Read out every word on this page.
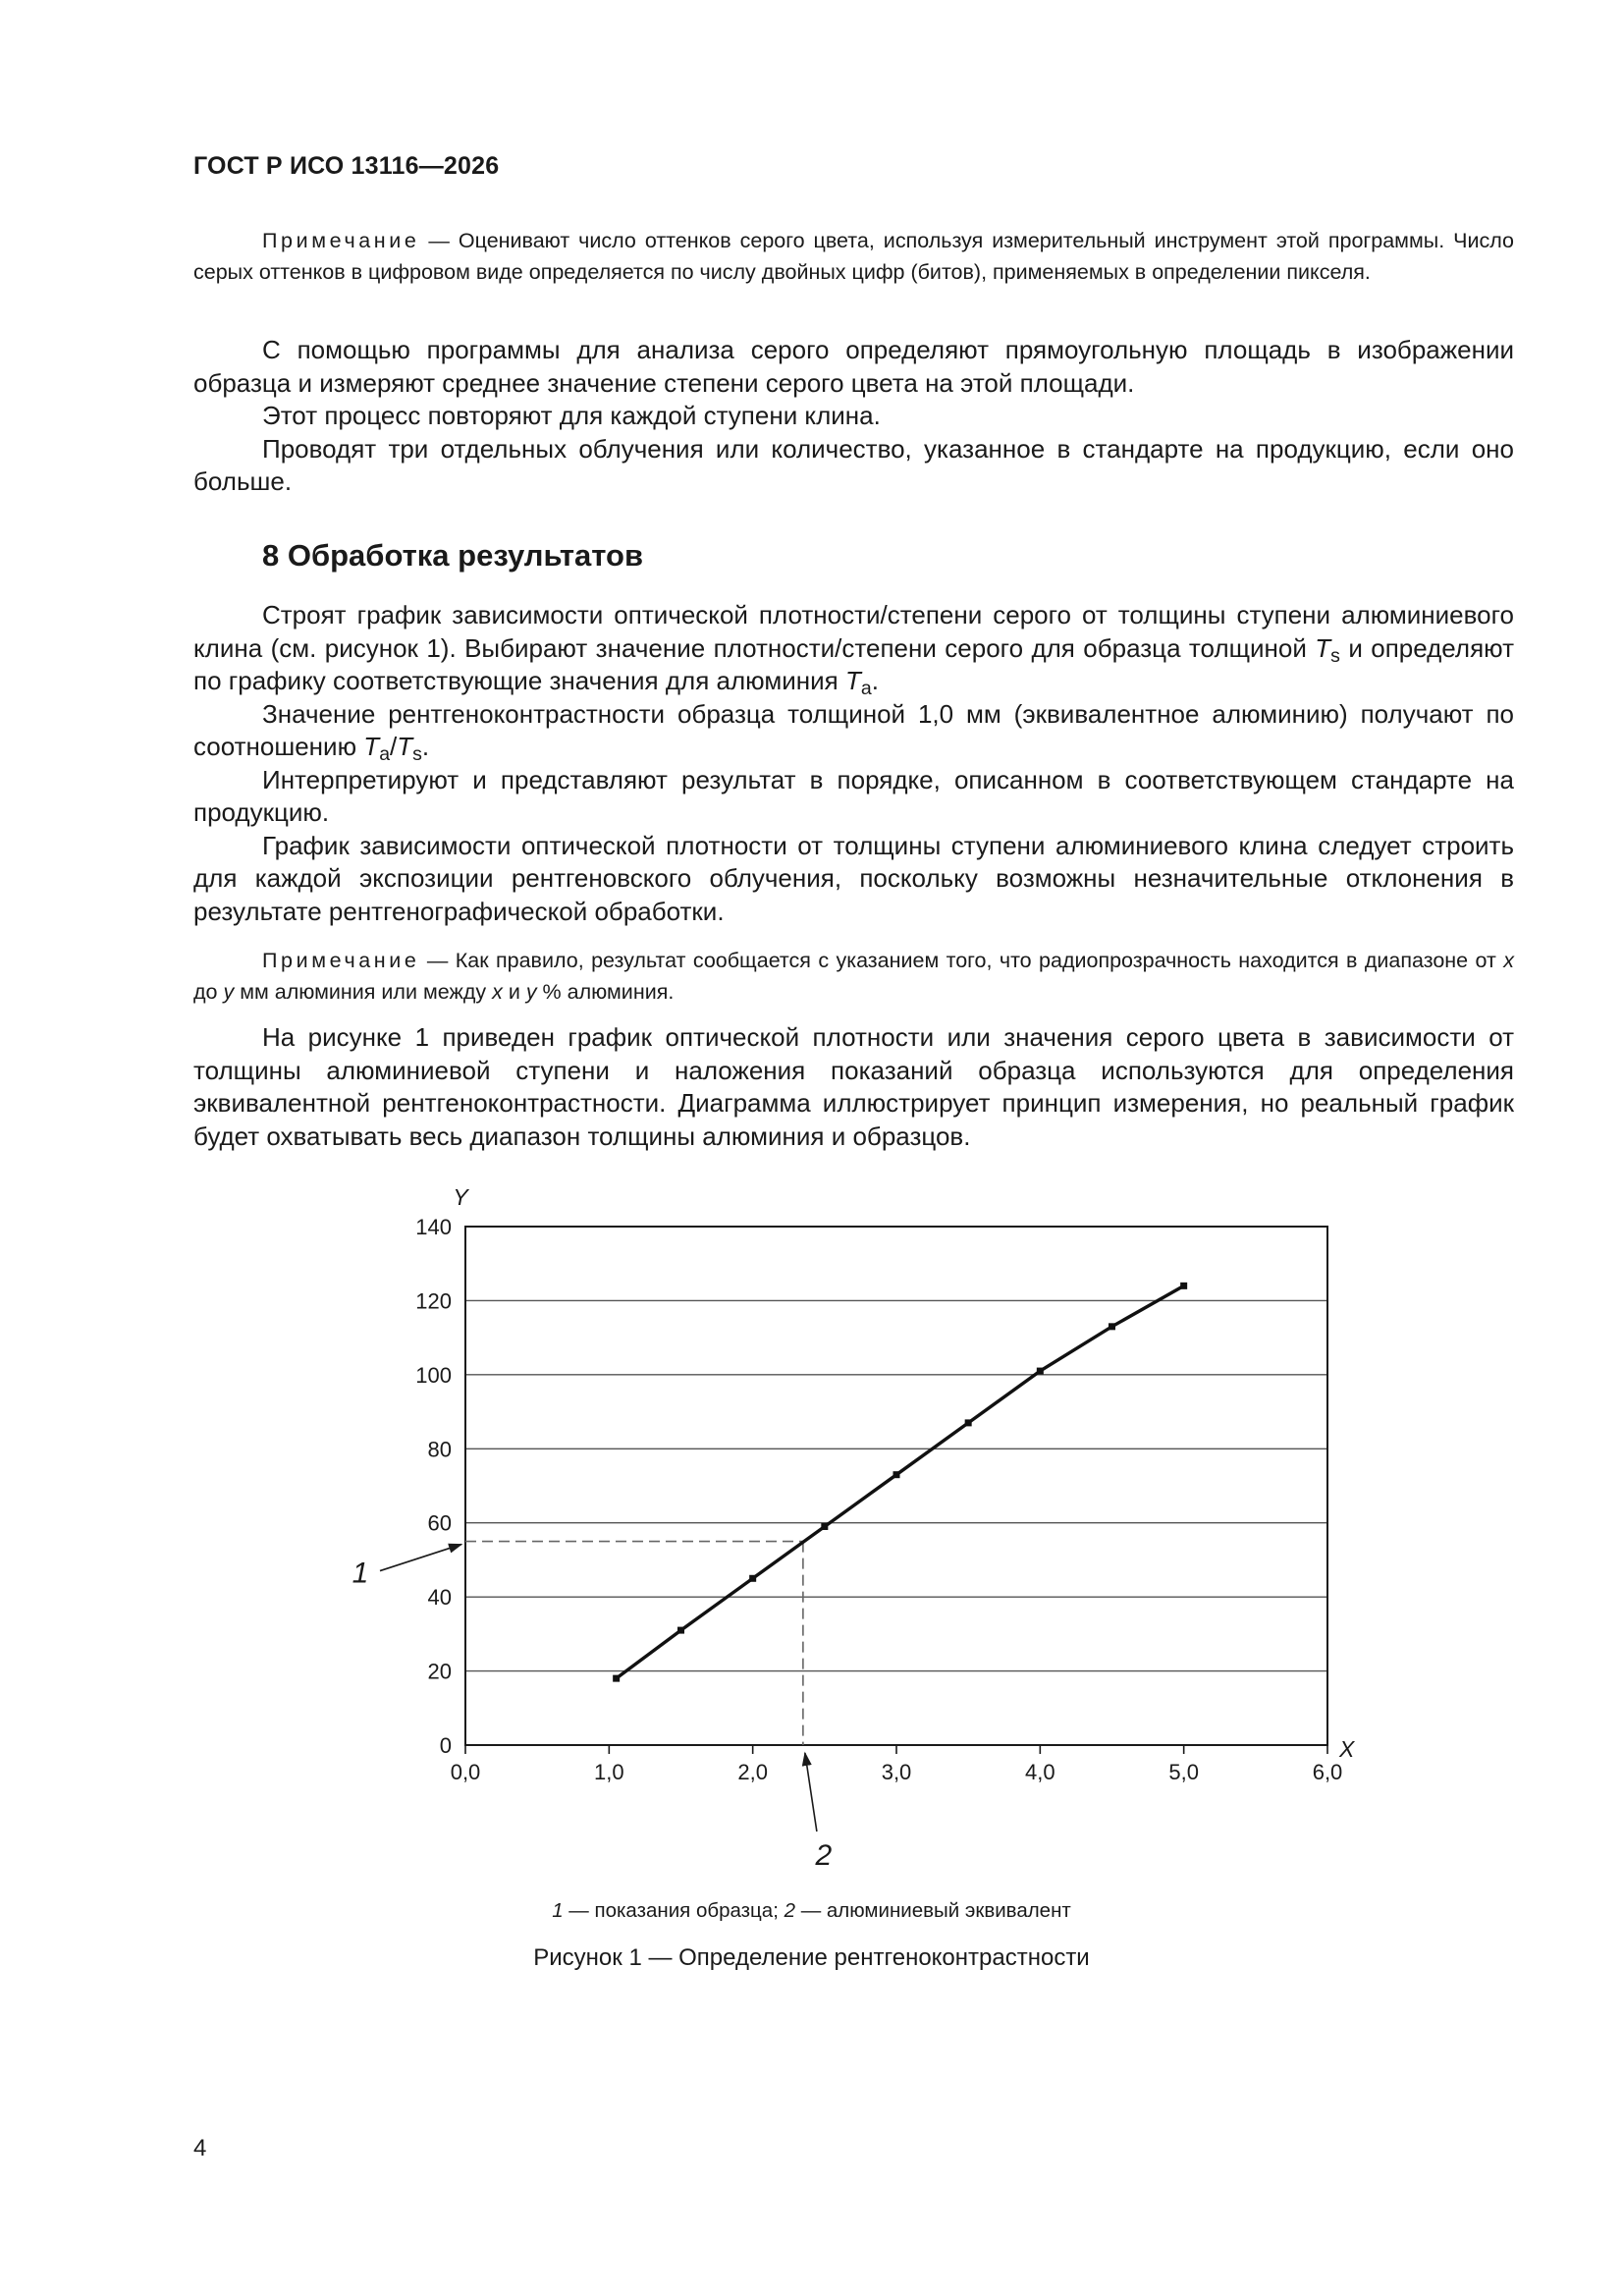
ГОСТ Р ИСО 13116—2026
Примечание — Оценивают число оттенков серого цвета, используя измерительный инструмент этой программы. Число серых оттенков в цифровом виде определяется по числу двойных цифр (битов), применяемых в определении пикселя.

С помощью программы для анализа серого определяют прямоугольную площадь в изображении образца и измеряют среднее значение степени серого цвета на этой площади.

Этот процесс повторяют для каждой ступени клина.

Проводят три отдельных облучения или количество, указанное в стандарте на продукцию, если оно больше.

8 Обработка результатов

Строят график зависимости оптической плотности/степени серого от толщины ступени алюминиевого клина (см. рисунок 1). Выбирают значение плотности/степени серого для образца толщиной $T_s$ и определяют по графику соответствующие значения для алюминия $T_a$.

Значение рентгеноконтрастности образца толщиной 1,0 мм (эквивалентное алюминию) получают по соотношению $T_a/T_s$.

Интерпретируют и представляют результат в порядке, описанном в соответствующем стандарте на продукцию.

График зависимости оптической плотности от толщины ступени алюминиевого клина следует строить для каждой экспозиции рентгеновского облучения, поскольку возможны незначительные отклонения в результате рентгенографической обработки.

Примечание — Как правило, результат сообщается с указанием того, что радиопрозрачность находится в диапазоне от x до y мм алюминия или между x и y % алюминия.

На рисунке 1 приведен график оптической плотности или значения серого цвета в зависимости от толщины алюминиевой ступени и наложения показаний образца используются для определения эквивалентной рентгеноконтрастности. Диаграмма иллюстрирует принцип измерения, но реальный график будет охватывать весь диапазон толщины алюминия и образцов.

0
20
40
60
80
100
120
140
0,0	1,0	2,0	3,0	4,0	5,0	6,0
Y
X
1
2
1 — показания образца; 2 — алюминиевый эквивалент
Рисунок 1 — Определение рентгеноконтрастности
4
